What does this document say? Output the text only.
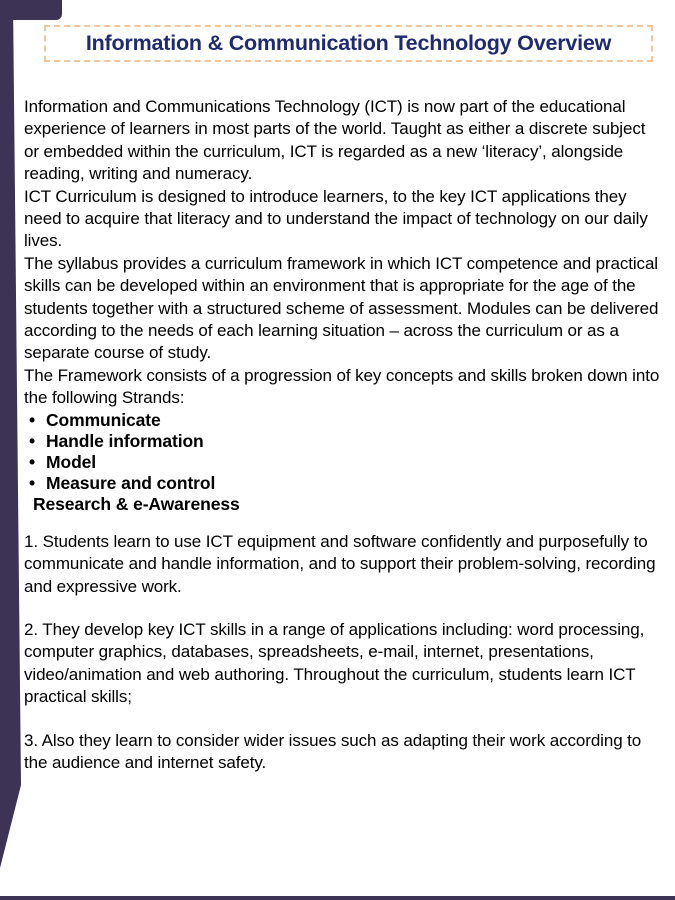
Information & Communication Technology Overview

Information and Communications Technology (ICT) is now part of the educational experience of learners in most parts of the world. Taught as either a discrete subject or embedded within the curriculum, ICT is regarded as a new ‘literacy’, alongside reading, writing and numeracy.

ICT Curriculum is designed to introduce learners, to the key ICT applications they need to acquire that literacy and to understand the impact of technology on our daily lives.

The syllabus provides a curriculum framework in which ICT competence and practical skills can be developed within an environment that is appropriate for the age of the students together with a structured scheme of assessment. Modules can be delivered according to the needs of each learning situation – across the curriculum or as a separate course of study.

The Framework consists of a progression of key concepts and skills broken down into the following Strands:

• Communicate
• Handle information
• Model
• Measure and control

Research & e-Awareness

1. Students learn to use ICT equipment and software confidently and purposefully to communicate and handle information, and to support their problem-solving, recording and expressive work.

2. They develop key ICT skills in a range of applications including: word processing, computer graphics, databases, spreadsheets, e-mail, internet, presentations, video/animation and web authoring. Throughout the curriculum, students learn ICT practical skills;

3. Also they learn to consider wider issues such as adapting their work according to the audience and internet safety.
